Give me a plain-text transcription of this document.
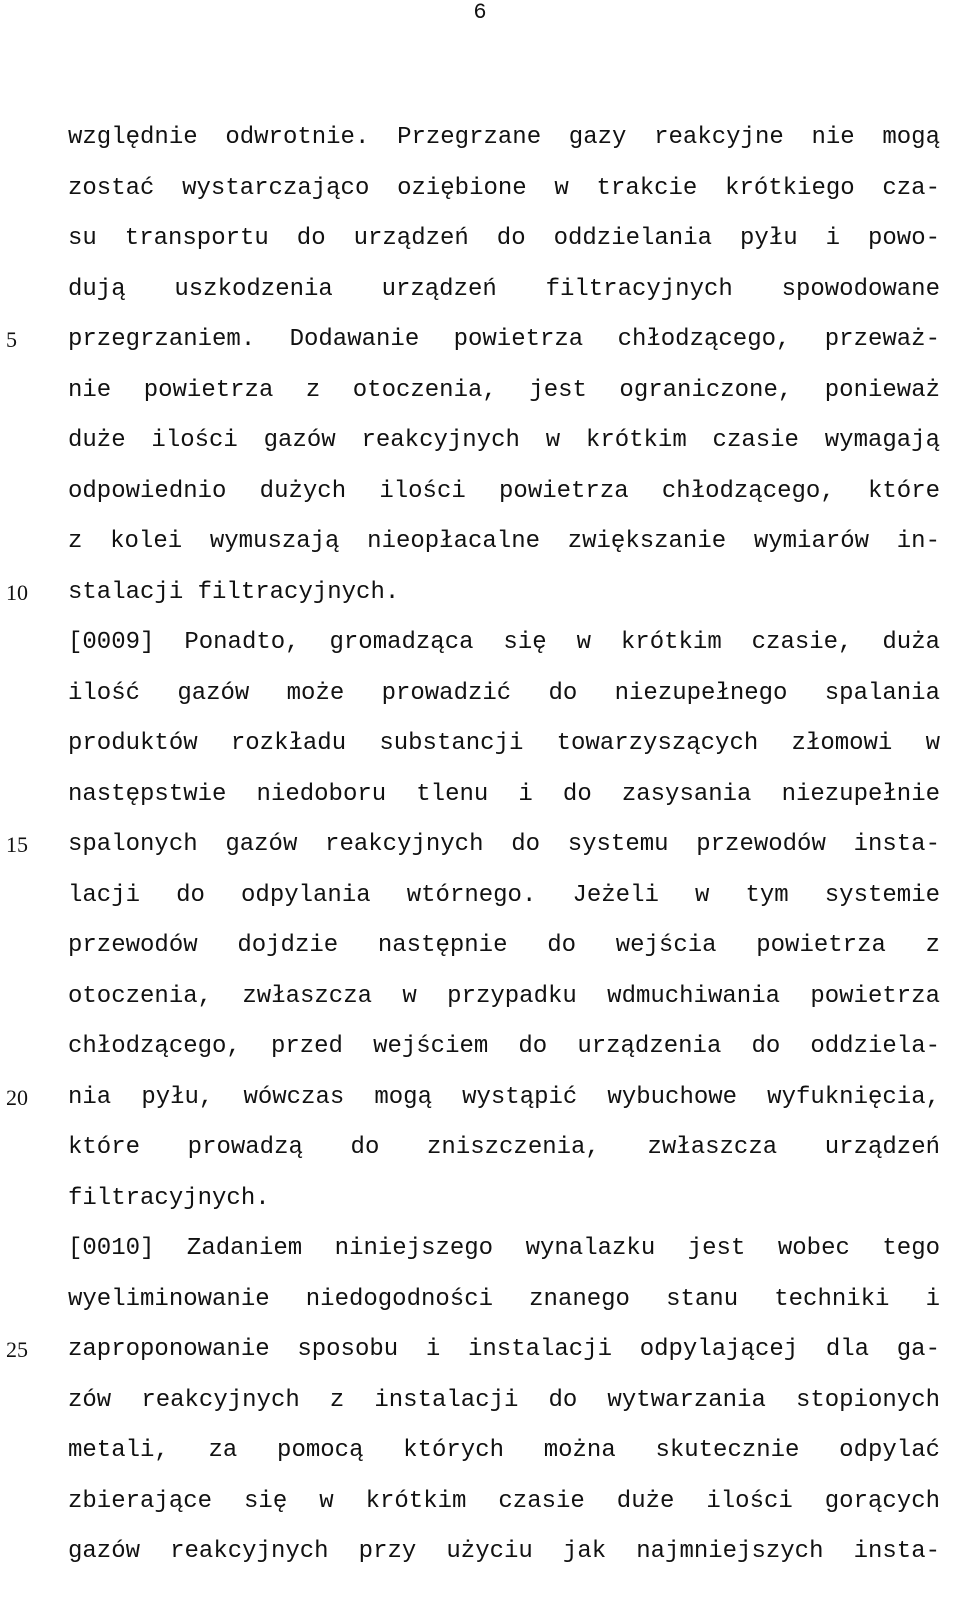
6
5
10
15
20
25
względnie odwrotnie. Przegrzane gazy reakcyjne nie mogą
zostać wystarczająco oziębione w trakcie krótkiego cza-
su transportu do urządzeń do oddzielania pyłu i powo-
dują uszkodzenia urządzeń filtracyjnych spowodowane
przegrzaniem. Dodawanie powietrza chłodzącego, przeważ-
nie powietrza z otoczenia, jest ograniczone, ponieważ
duże ilości gazów reakcyjnych w krótkim czasie wymagają
odpowiednio dużych ilości powietrza chłodzącego, które
z kolei wymuszają nieopłacalne zwiększanie wymiarów in-
stalacji filtracyjnych.
[0009] Ponadto, gromadząca się w krótkim czasie, duża
ilość gazów może prowadzić do niezupełnego spalania
produktów rozkładu substancji towarzyszących złomowi w
następstwie niedoboru tlenu i do zasysania niezupełnie
spalonych gazów reakcyjnych do systemu przewodów insta-
lacji do odpylania wtórnego. Jeżeli w tym systemie
przewodów dojdzie następnie do wejścia powietrza z
otoczenia, zwłaszcza w przypadku wdmuchiwania powietrza
chłodzącego, przed wejściem do urządzenia do oddziela-
nia pyłu, wówczas mogą wystąpić wybuchowe wyfuknięcia,
które prowadzą do zniszczenia, zwłaszcza urządzeń
filtracyjnych.
[0010] Zadaniem niniejszego wynalazku jest wobec tego
wyeliminowanie niedogodności znanego stanu techniki i
zaproponowanie sposobu i instalacji odpylającej dla ga-
zów reakcyjnych z instalacji do wytwarzania stopionych
metali, za pomocą których można skutecznie odpylać
zbierające się w krótkim czasie duże ilości gorących
gazów reakcyjnych przy użyciu jak najmniejszych insta-
